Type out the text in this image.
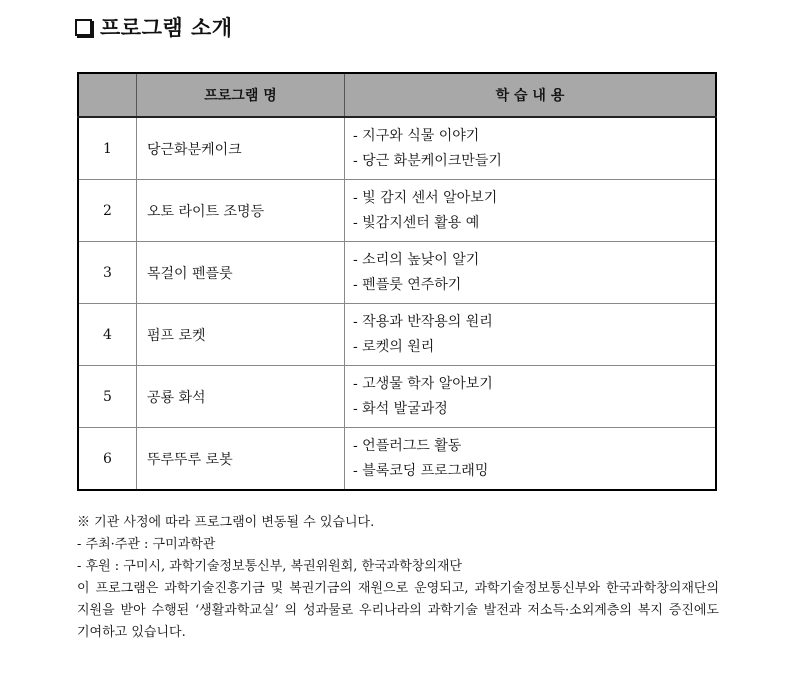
프로그램 소개
	프로그램 명	학 습 내 용
1	당근화분케이크	- 지구와 식물 이야기
- 당근 화분케이크만들기

2	오토 라이트 조명등	- 빛 감지 센서 알아보기
- 빛감지센터 활용 예

3	목걸이 펜플룻	- 소리의 높낮이 알기
- 펜플룻 연주하기

4	펌프 로켓	- 작용과 반작용의 원리
- 로켓의 원리

5	공룡 화석	- 고생물 학자 알아보기
- 화석 발굴과정

6	뚜루뚜루 로봇	- 언플러그드 활동
- 블록코딩 프로그래밍
※ 기관 사정에 따라 프로그램이 변동될 수 있습니다.
- 주최·주관 : 구미과학관
- 후원 : 구미시, 과학기술정보통신부, 복권위원회, 한국과학창의재단
이 프로그램은 과학기술진흥기금 및 복권기금의 재원으로 운영되고, 과학기술정보통신부와 한국과학창의재단의 지원을 받아 수행된 ‘생활과학교실’ 의 성과물로 우리나라의 과학기술 발전과 저소득·소외계층의 복지 증진에도 기여하고 있습니다.
